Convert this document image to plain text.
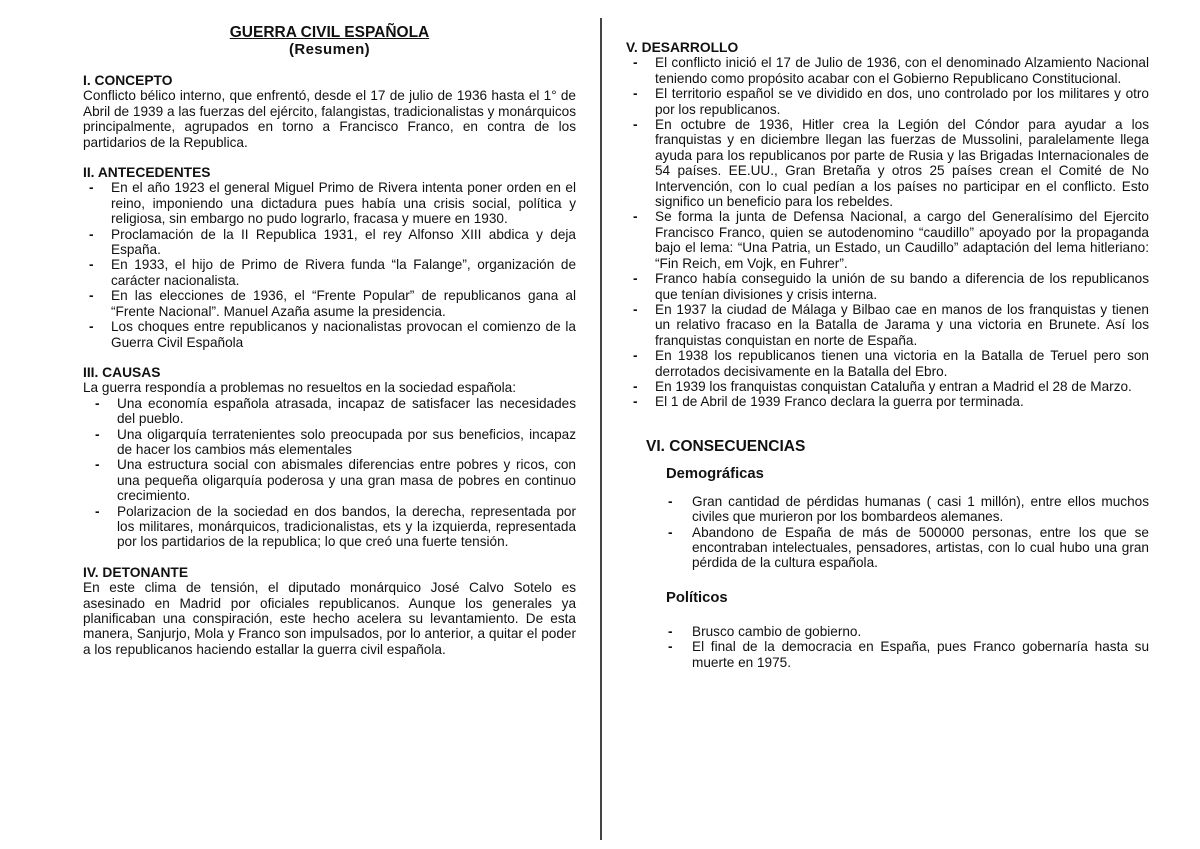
GUERRA CIVIL ESPAÑOLA
(Resumen)
I. CONCEPTO
Conflicto bélico interno, que enfrentó, desde el 17 de julio de 1936 hasta el 1° de Abril de 1939 a las fuerzas del ejército, falangistas, tradicionalistas y monárquicos principalmente, agrupados en torno a Francisco Franco, en contra de los partidarios de la Republica.
II. ANTECEDENTES
- En el año 1923 el general Miguel Primo de Rivera intenta poner orden en el reino, imponiendo una dictadura pues había una crisis social, política y religiosa, sin embargo no pudo lograrlo, fracasa y muere en 1930.
- Proclamación de la II Republica 1931, el rey Alfonso XIII abdica y deja España.
- En 1933, el hijo de Primo de Rivera funda “la Falange”, organización de carácter nacionalista.
- En las elecciones de 1936, el “Frente Popular” de republicanos gana al “Frente Nacional”. Manuel Azaña asume la presidencia.
- Los choques entre republicanos y nacionalistas provocan el comienzo de la Guerra Civil Española
III. CAUSAS
La guerra respondía a problemas no resueltos en la sociedad española:
- Una economía española atrasada, incapaz de satisfacer las necesidades del pueblo.
- Una oligarquía terratenientes solo preocupada por sus beneficios, incapaz de hacer los cambios más elementales
- Una estructura social con abismales diferencias entre pobres y ricos, con una pequeña oligarquía poderosa y una gran masa de pobres en continuo crecimiento.
- Polarizacion de la sociedad en dos bandos, la derecha, representada por los militares, monárquicos, tradicionalistas, ets y la izquierda, representada por los partidarios de la republica; lo que creó una fuerte tensión.
IV. DETONANTE
En este clima de tensión, el diputado monárquico José Calvo Sotelo es asesinado en Madrid por oficiales republicanos. Aunque los generales ya planificaban una conspiración, este hecho acelera su levantamiento. De esta manera, Sanjurjo, Mola y Franco son impulsados, por lo anterior, a quitar el poder a los republicanos haciendo estallar la guerra civil española.
V. DESARROLLO
- El conflicto inició el 17 de Julio de 1936, con el denominado Alzamiento Nacional teniendo como propósito acabar con el Gobierno Republicano Constitucional.
- El territorio español se ve dividido en dos, uno controlado por los militares y otro por los republicanos.
- En octubre de 1936, Hitler crea la Legión del Cóndor para ayudar a los franquistas y en diciembre llegan las fuerzas de Mussolini, paralelamente llega ayuda para los republicanos por parte de Rusia y las Brigadas Internacionales de 54 países. EE.UU., Gran Bretaña y otros 25 países crean el Comité de No Intervención, con lo cual pedían a los países no participar en el conflicto. Esto significo un beneficio para los rebeldes.
- Se forma la junta de Defensa Nacional, a cargo del Generalísimo del Ejercito Francisco Franco, quien se autodenomino “caudillo” apoyado por la propaganda bajo el lema: “Una Patria, un Estado, un Caudillo” adaptación del lema hitleriano: “Fin Reich, em Vojk, en Fuhrer”.
- Franco había conseguido la unión de su bando a diferencia de los republicanos que tenían divisiones y crisis interna.
- En 1937 la ciudad de Málaga y Bilbao cae en manos de los franquistas y tienen un relativo fracaso en la Batalla de Jarama y una victoria en Brunete. Así los franquistas conquistan en norte de España.
- En 1938 los republicanos tienen una victoria en la Batalla de Teruel pero son derrotados decisivamente en la Batalla del Ebro.
- En 1939 los franquistas conquistan Cataluña y entran a Madrid el 28 de Marzo.
- El 1 de Abril de 1939 Franco declara la guerra por terminada.
VI. CONSECUENCIAS
Demográficas
- Gran cantidad de pérdidas humanas ( casi 1 millón), entre ellos muchos civiles que murieron por los bombardeos alemanes.
- Abandono de España de más de 500000 personas, entre los que se encontraban intelectuales, pensadores, artistas, con lo cual hubo una gran pérdida de la cultura española.
Políticos
- Brusco cambio de gobierno.
- El final de la democracia en España, pues Franco gobernaría hasta su muerte en 1975.
